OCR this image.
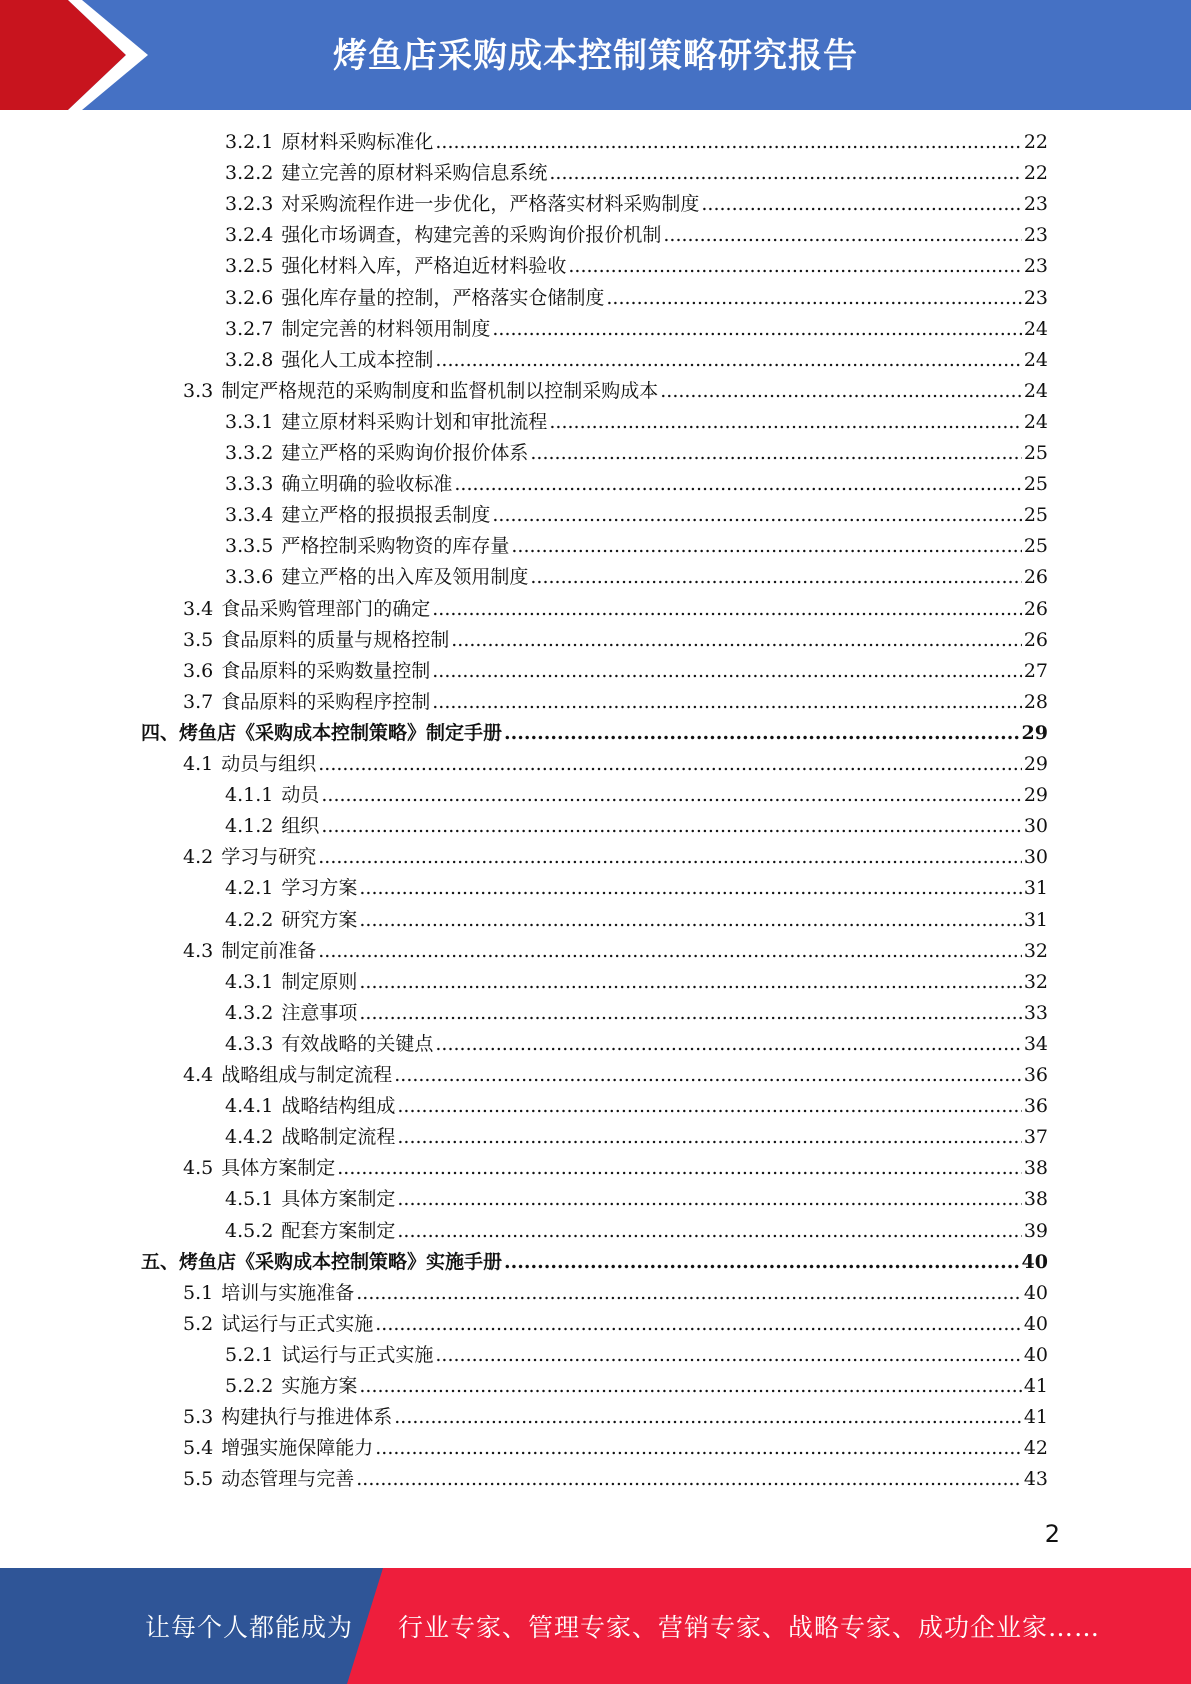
烤鱼店采购成本控制策略研究报告
3.2.1 原材料采购标准化 .....	22
3.2.2 建立完善的原材料采购信息系统 .....	22
3.2.3 对采购流程作进一步优化，严格落实材料采购制度 .....	23
3.2.4 强化市场调查，构建完善的采购询价报价机制 .....	23
3.2.5 强化材料入库，严格迫近材料验收 .....	23
3.2.6 强化库存量的控制，严格落实仓储制度 .....	23
3.2.7 制定完善的材料领用制度 .....	24
3.2.8 强化人工成本控制 .....	24
3.3 制定严格规范的采购制度和监督机制以控制采购成本 .....	24
3.3.1 建立原材料采购计划和审批流程 .....	24
3.3.2 建立严格的采购询价报价体系 .....	25
3.3.3 确立明确的验收标准 .....	25
3.3.4 建立严格的报损报丢制度 .....	25
3.3.5 严格控制采购物资的库存量 .....	25
3.3.6 建立严格的出入库及领用制度 .....	26
3.4 食品采购管理部门的确定 .....	26
3.5 食品原料的质量与规格控制 .....	26
3.6 食品原料的采购数量控制 .....	27
3.7 食品原料的采购程序控制 .....	28
四、 烤鱼店《采购成本控制策略》制定手册 .....	29
4.1 动员与组织 .....	29
4.1.1 动员 .....	29
4.1.2 组织 .....	30
4.2 学习与研究 .....	30
4.2.1 学习方案 .....	31
4.2.2 研究方案 .....	31
4.3 制定前准备 .....	32
4.3.1 制定原则 .....	32
4.3.2 注意事项 .....	33
4.3.3 有效战略的关键点 .....	34
4.4 战略组成与制定流程 .....	36
4.4.1 战略结构组成 .....	36
4.4.2 战略制定流程 .....	37
4.5 具体方案制定 .....	38
4.5.1 具体方案制定 .....	38
4.5.2 配套方案制定 .....	39
五、 烤鱼店《采购成本控制策略》实施手册 .....	40
5.1 培训与实施准备 .....	40
5.2 试运行与正式实施 .....	40
5.2.1 试运行与正式实施 .....	40
5.2.2 实施方案 .....	41
5.3 构建执行与推进体系 .....	41
5.4 增强实施保障能力 .....	42
5.5 动态管理与完善 .....	43
2
让每个人都能成为 行业专家、管理专家、营销专家、战略专家、成功企业家……
